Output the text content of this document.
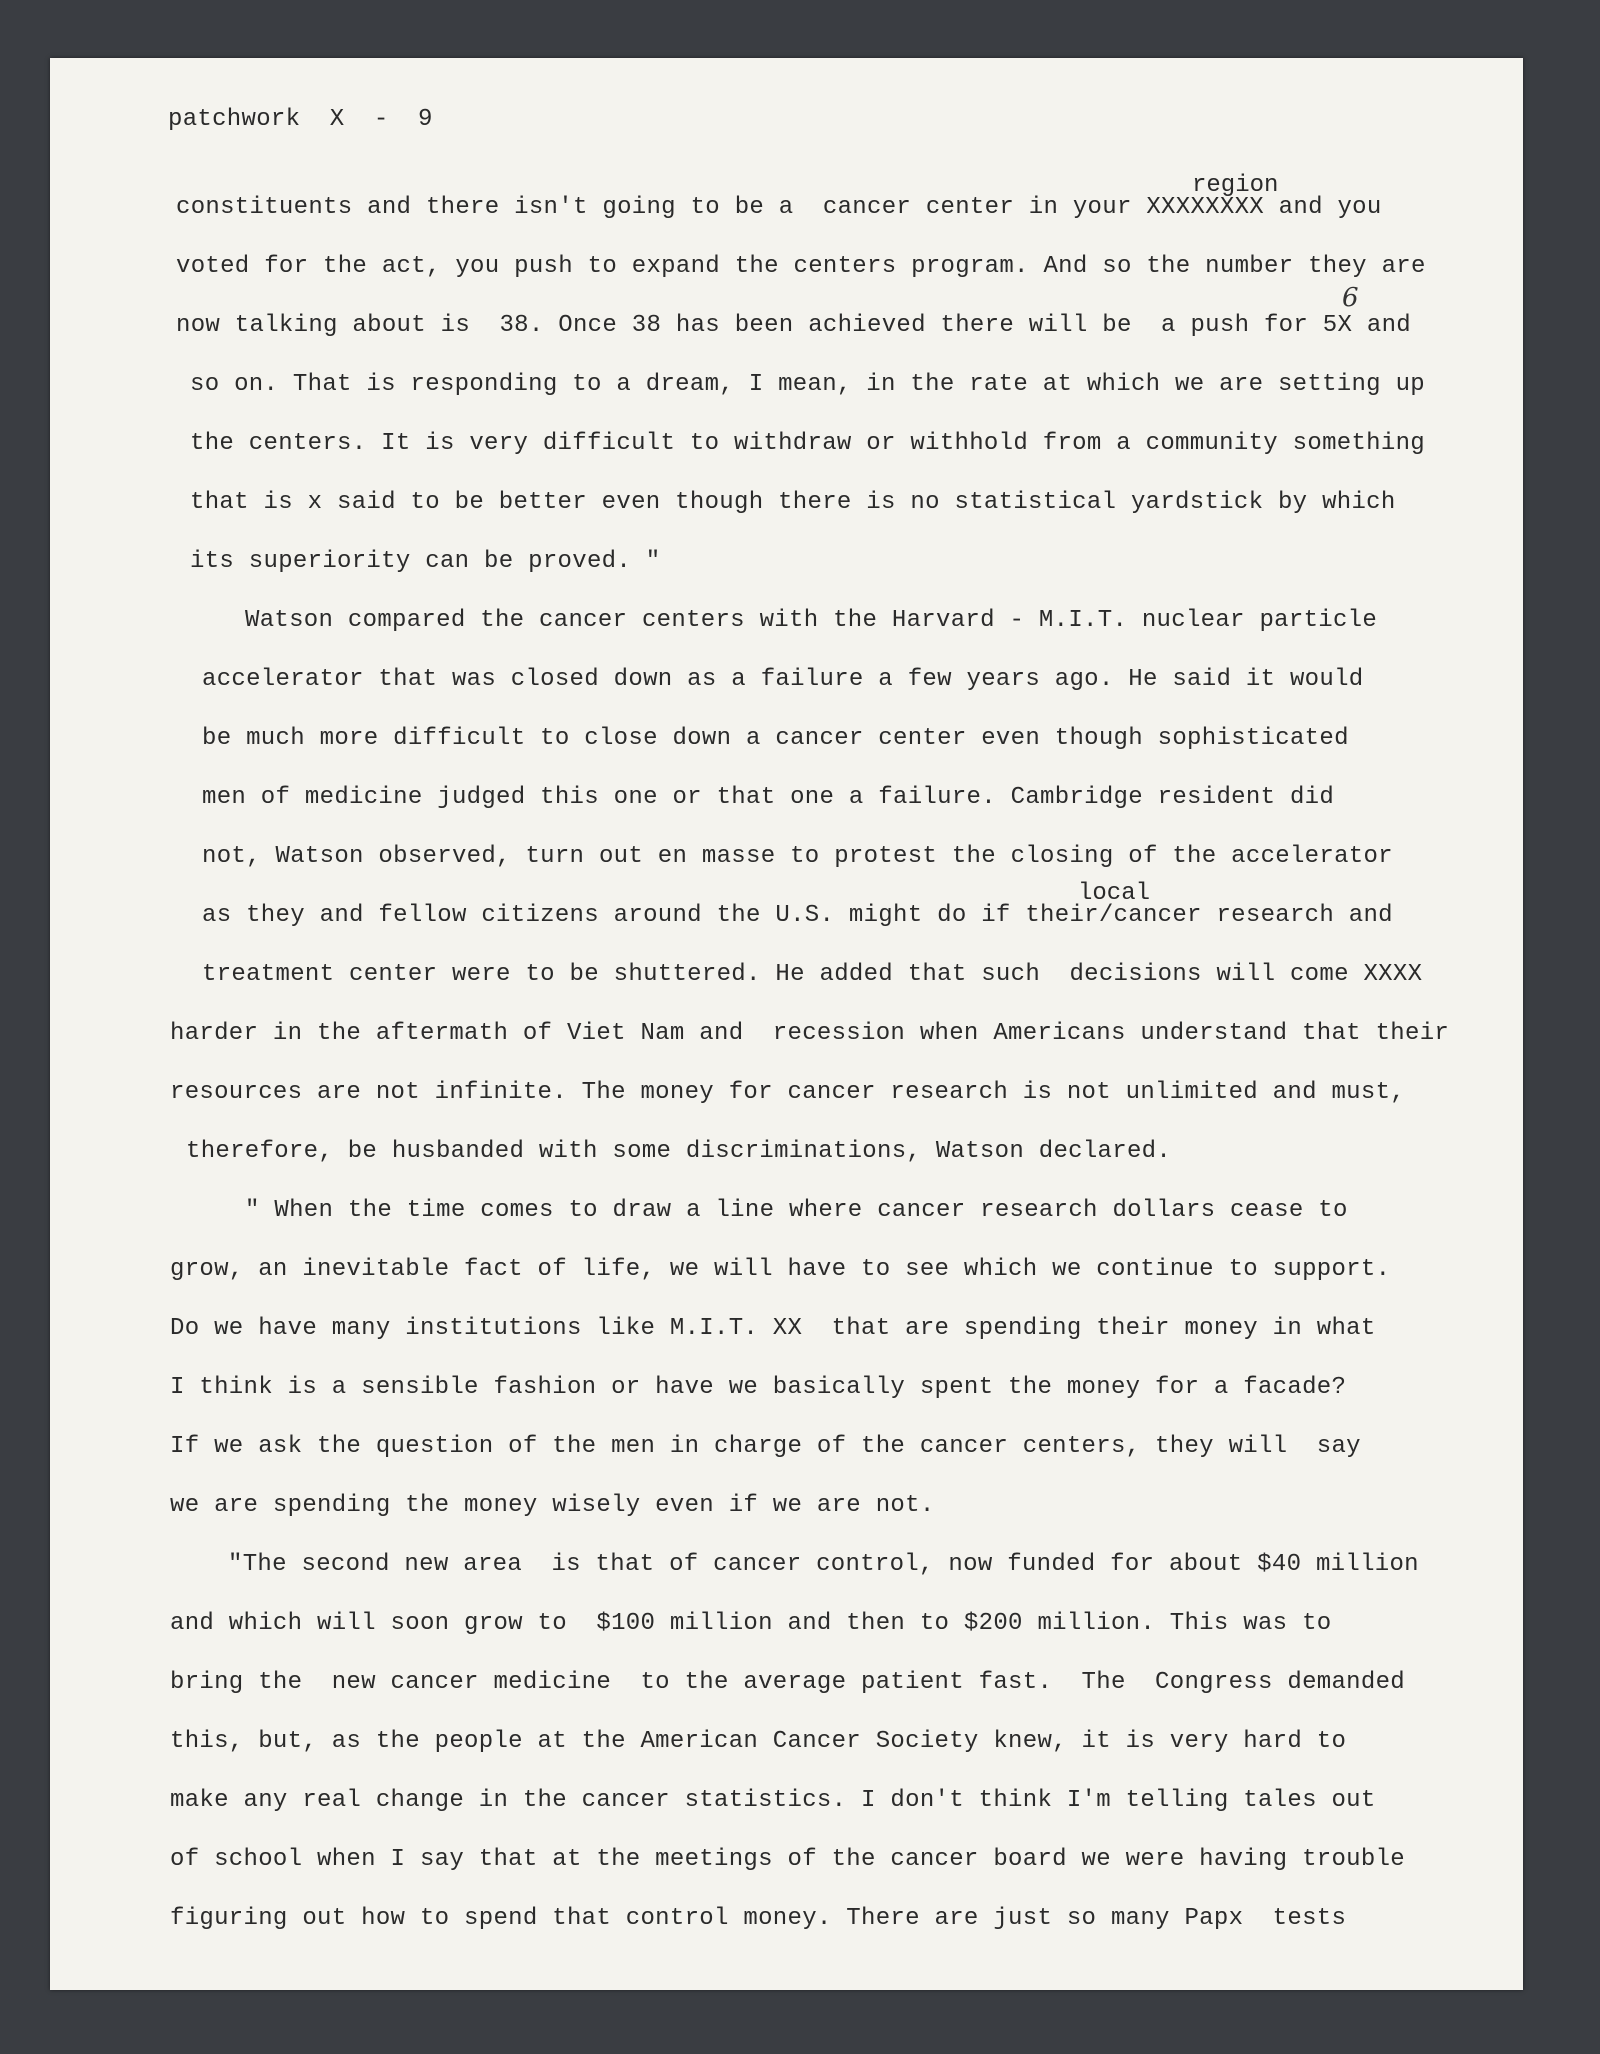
patchwork  X  -  9
region
local
6
constituents and there isn't going to be a  cancer center in your XXXXXXXX and you
voted for the act, you push to expand the centers program. And so the number they are
now talking about is  38. Once 38 has been achieved there will be  a push for 5X and
so on. That is responding to a dream, I mean, in the rate at which we are setting up
the centers. It is very difficult to withdraw or withhold from a community something
that is x said to be better even though there is no statistical yardstick by which
its superiority can be proved. "
Watson compared the cancer centers with the Harvard - M.I.T. nuclear particle
accelerator that was closed down as a failure a few years ago. He said it would
be much more difficult to close down a cancer center even though sophisticated
men of medicine judged this one or that one a failure. Cambridge resident did
not, Watson observed, turn out en masse to protest the closing of the accelerator
as they and fellow citizens around the U.S. might do if their/cancer research and
treatment center were to be shuttered. He added that such  decisions will come XXXX
harder in the aftermath of Viet Nam and  recession when Americans understand that their
resources are not infinite. The money for cancer research is not unlimited and must,
therefore, be husbanded with some discriminations, Watson declared.
" When the time comes to draw a line where cancer research dollars cease to
grow, an inevitable fact of life, we will have to see which we continue to support.
Do we have many institutions like M.I.T. XX  that are spending their money in what
I think is a sensible fashion or have we basically spent the money for a facade?
If we ask the question of the men in charge of the cancer centers, they will  say
we are spending the money wisely even if we are not.
"The second new area  is that of cancer control, now funded for about $40 million
and which will soon grow to  $100 million and then to $200 million. This was to
bring the  new cancer medicine  to the average patient fast.  The  Congress demanded
this, but, as the people at the American Cancer Society knew, it is very hard to
make any real change in the cancer statistics. I don't think I'm telling tales out
of school when I say that at the meetings of the cancer board we were having trouble
figuring out how to spend that control money. There are just so many Papx  tests
